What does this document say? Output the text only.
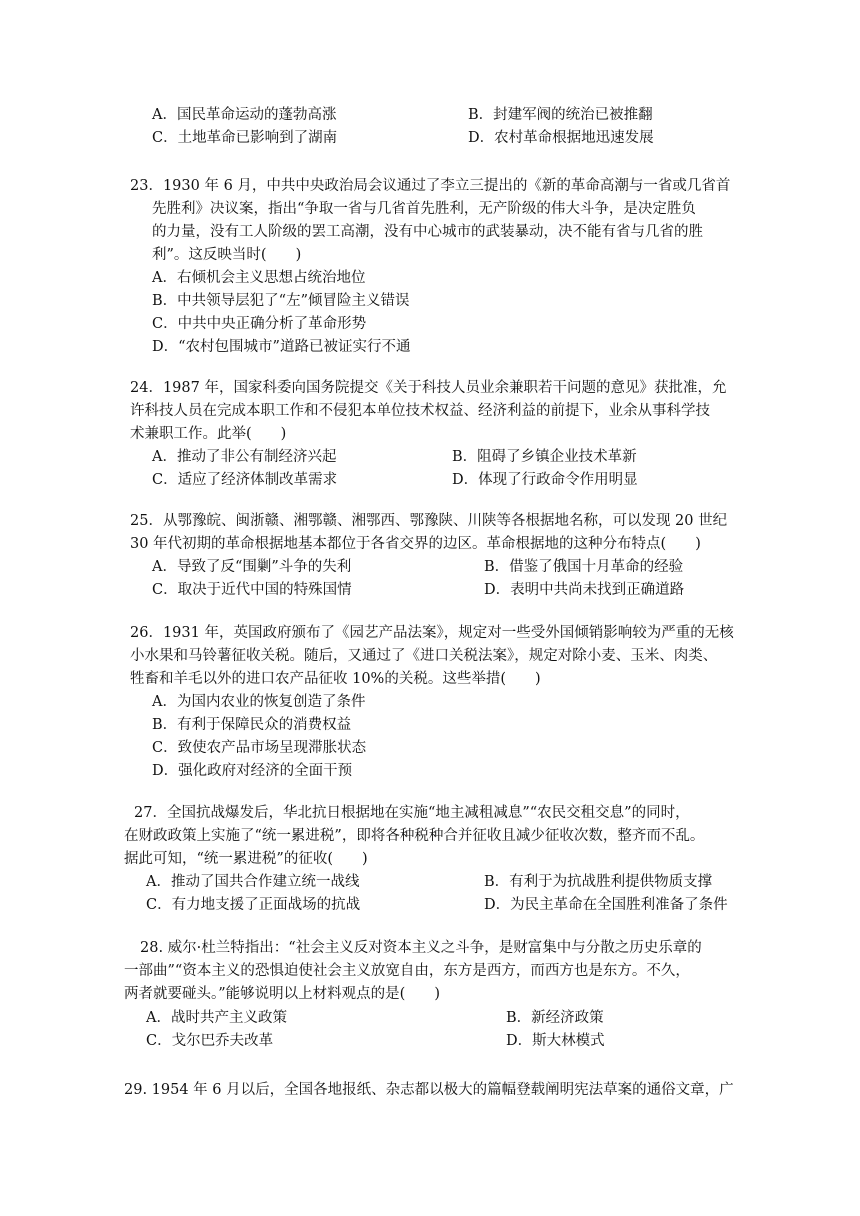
A．国民革命运动的蓬勃高涨	B．封建军阀的统治已被推翻
C．土地革命已影响到了湖南	D．农村革命根据地迅速发展
23．1930 年 6 月，中共中央政治局会议通过了李立三提出的《新的革命高潮与一省或几省首
先胜利》决议案，指出“争取一省与几省首先胜利，无产阶级的伟大斗争，是决定胜负
的力量，没有工人阶级的罢工高潮，没有中心城市的武装暴动，决不能有省与几省的胜
利”。这反映当时(　　)
A．右倾机会主义思想占统治地位
B．中共领导层犯了“左”倾冒险主义错误
C．中共中央正确分析了革命形势
D．“农村包围城市”道路已被证实行不通
24．1987 年，国家科委向国务院提交《关于科技人员业余兼职若干问题的意见》获批准，允
许科技人员在完成本职工作和不侵犯本单位技术权益、经济利益的前提下，业余从事科学技
术兼职工作。此举(　　)
A．推动了非公有制经济兴起	B．阻碍了乡镇企业技术革新
C．适应了经济体制改革需求	D．体现了行政命令作用明显
25．从鄂豫皖、闽浙赣、湘鄂赣、湘鄂西、鄂豫陕、川陕等各根据地名称，可以发现 20 世纪
30 年代初期的革命根据地基本都位于各省交界的边区。革命根据地的这种分布特点(　　)
A．导致了反“围剿”斗争的失利	B．借鉴了俄国十月革命的经验
C．取决于近代中国的特殊国情	D．表明中共尚未找到正确道路
26．1931 年，英国政府颁布了《园艺产品法案》，规定对一些受外国倾销影响较为严重的无核
小水果和马铃薯征收关税。随后，又通过了《进口关税法案》，规定对除小麦、玉米、肉类、
牲畜和羊毛以外的进口农产品征收 10%的关税。这些举措(　　)
A．为国内农业的恢复创造了条件
B．有利于保障民众的消费权益
C．致使农产品市场呈现滞胀状态
D．强化政府对经济的全面干预
27．全国抗战爆发后，华北抗日根据地在实施“地主减租减息”“农民交租交息”的同时，
在财政政策上实施了“统一累进税”，即将各种税种合并征收且减少征收次数，整齐而不乱。
据此可知，“统一累进税”的征收(　　)
A．推动了国共合作建立统一战线	B．有利于为抗战胜利提供物质支撑
C．有力地支援了正面战场的抗战	D．为民主革命在全国胜利准备了条件
28. 威尔·杜兰特指出：“社会主义反对资本主义之斗争，是财富集中与分散之历史乐章的
一部曲”“资本主义的恐惧迫使社会主义放宽自由，东方是西方，而西方也是东方。不久，
两者就要碰头。”能够说明以上材料观点的是(　　)
A．战时共产主义政策	B．新经济政策
C．戈尔巴乔夫改革	D．斯大林模式
29. 1954 年 6 月以后，全国各地报纸、杂志都以极大的篇幅登载阐明宪法草案的通俗文章，广
